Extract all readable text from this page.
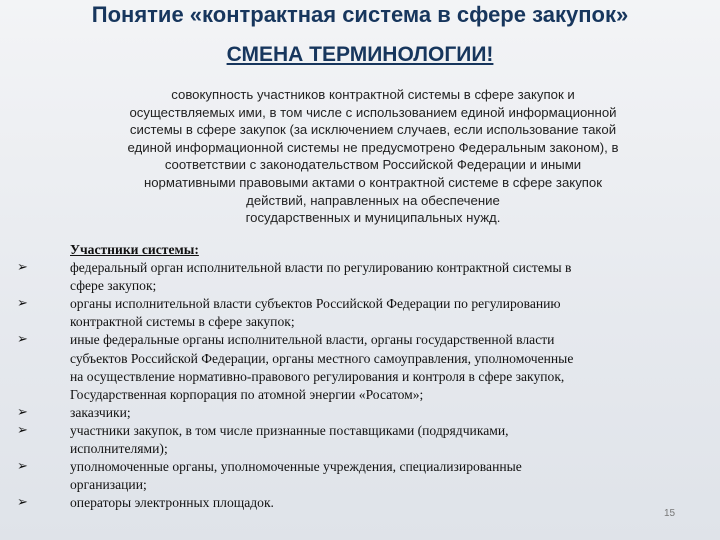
Понятие «контрактная система в сфере закупок»
СМЕНА ТЕРМИНОЛОГИИ!
совокупность участников контрактной системы в сфере закупок и
осуществляемых ими, в том числе с использованием единой информационной
системы в сфере закупок (за исключением случаев, если использование такой
единой информационной системы не предусмотрено Федеральным законом), в
соответствии с законодательством Российской Федерации и иными
нормативными правовыми актами о контрактной системе в сфере закупок
действий, направленных на обеспечение
государственных и муниципальных нужд.
Участники системы:
➢	федеральный орган исполнительной власти по регулированию контрактной системы в
сфере закупок;
➢	органы исполнительной власти субъектов Российской Федерации по регулированию
контрактной системы в сфере закупок;
➢	иные федеральные органы исполнительной власти, органы государственной власти
субъектов Российской Федерации, органы местного самоуправления, уполномоченные
на осуществление нормативно-правового регулирования и контроля в сфере закупок,
Государственная корпорация по атомной энергии «Росатом»;
➢	заказчики;
➢	участники закупок, в том числе признанные поставщиками (подрядчиками,
исполнителями);
➢	уполномоченные органы, уполномоченные учреждения, специализированные
организации;
➢	операторы электронных площадок.
15
